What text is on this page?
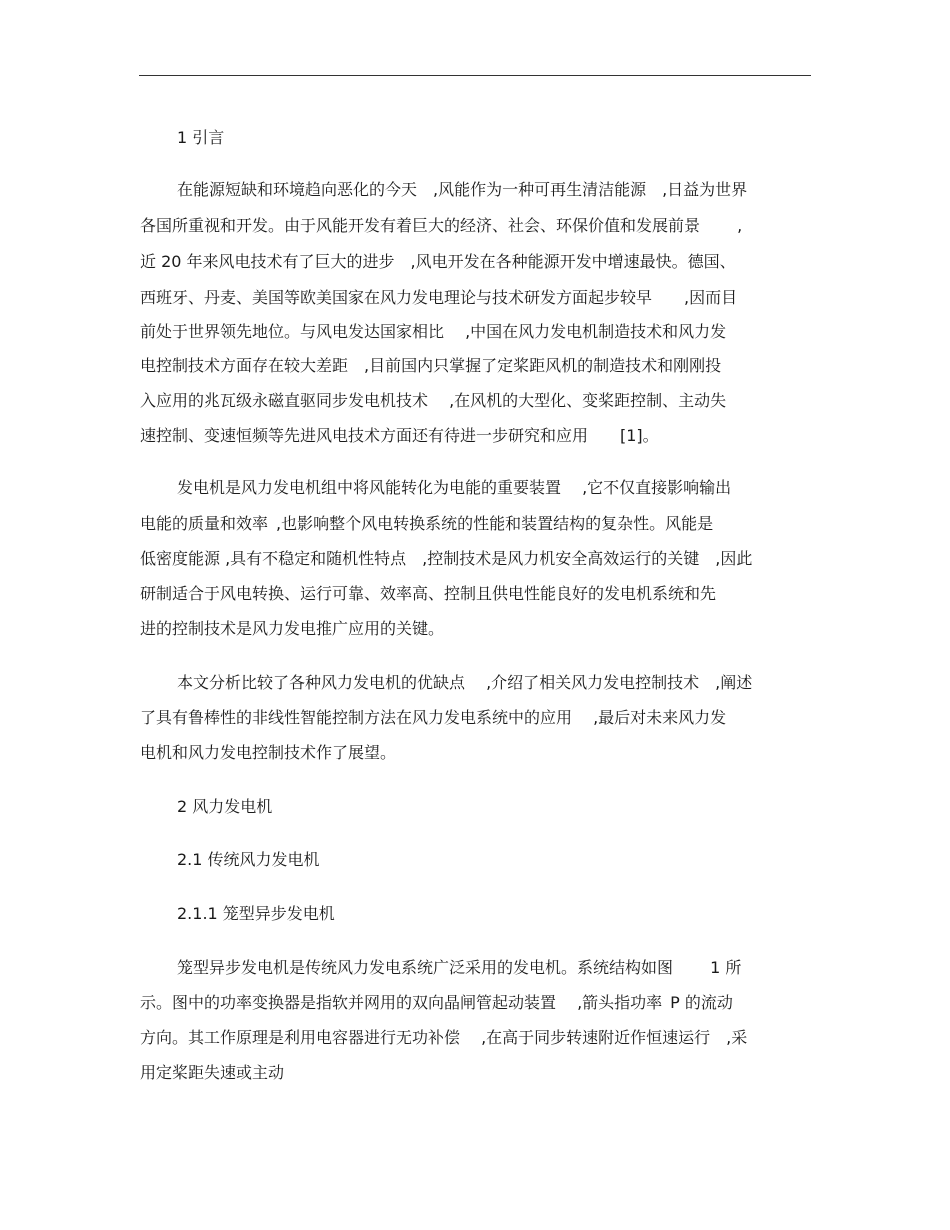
1 引言
在能源短缺和环境趋向恶化的今天　,风能作为一种可再生清洁能源　,日益为世界
各国所重视和开发。由于风能开发有着巨大的经济、社会、环保价值和发展前景　　 ,
近 20 年来风电技术有了巨大的进步　,风电开发在各种能源开发中增速最快。德国、
西班牙、丹麦、美国等欧美国家在风力发电理论与技术研发方面起步较早　　,因而目
前处于世界领先地位。与风电发达国家相比　 ,中国在风力发电机制造技术和风力发
电控制技术方面存在较大差距　,目前国内只掌握了定桨距风机的制造技术和刚刚投
入应用的兆瓦级永磁直驱同步发电机技术　 ,在风机的大型化、变桨距控制、主动失
速控制、变速恒频等先进风电技术方面还有待进一步研究和应用　　[1]。
发电机是风力发电机组中将风能转化为电能的重要装置　 ,它不仅直接影响输出
电能的质量和效率 ,也影响整个风电转换系统的性能和装置结构的复杂性。风能是
低密度能源 ,具有不稳定和随机性特点　,控制技术是风力机安全高效运行的关键　,因此
研制适合于风电转换、运行可靠、效率高、控制且供电性能良好的发电机系统和先
进的控制技术是风力发电推广应用的关键。
本文分析比较了各种风力发电机的优缺点　 ,介绍了相关风力发电控制技术　,阐述
了具有鲁棒性的非线性智能控制方法在风力发电系统中的应用　 ,最后对未来风力发
电机和风力发电控制技术作了展望。
2 风力发电机
2.1 传统风力发电机
2.1.1 笼型异步发电机
笼型异步发电机是传统风力发电系统广泛采用的发电机。系统结构如图　　 1 所
示。图中的功率变换器是指软并网用的双向晶闸管起动装置　 ,箭头指功率 P 的流动
方向。其工作原理是利用电容器进行无功补偿　 ,在高于同步转速附近作恒速运行　,采
用定桨距失速或主动
